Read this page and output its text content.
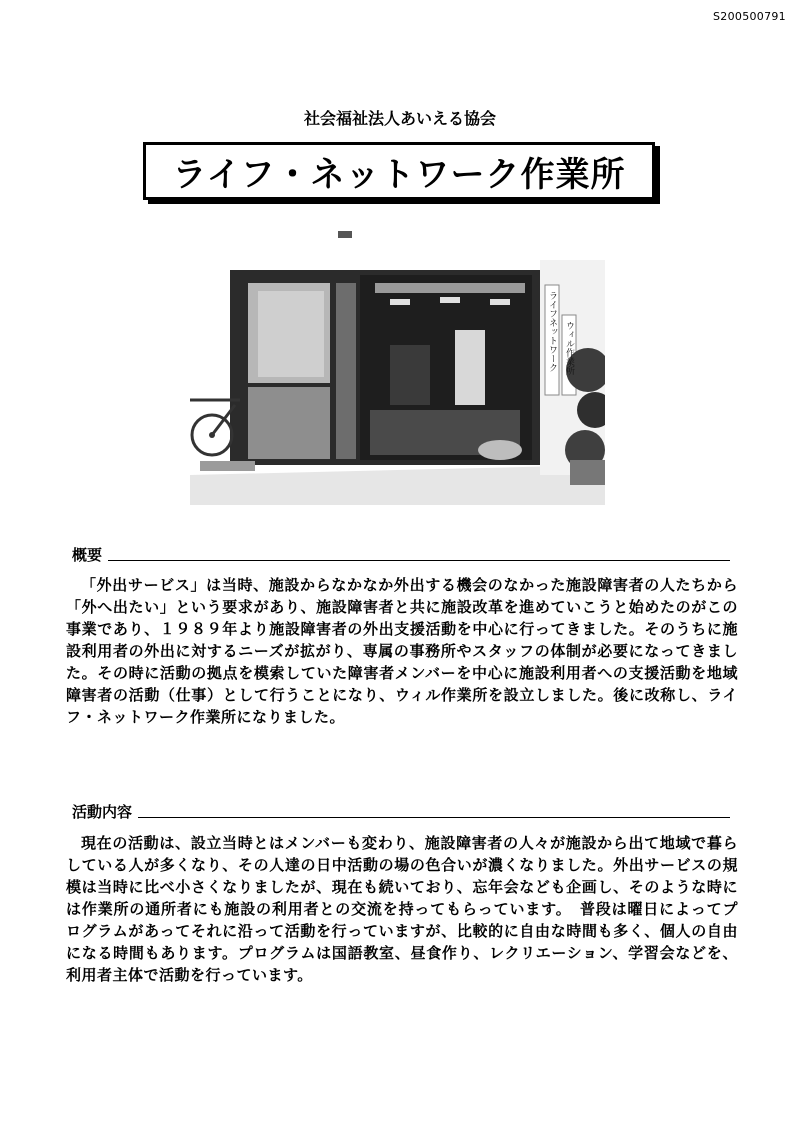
S200500791
社会福祉法人あいえる協会
ライフ・ネットワーク作業所
ライフネットワーク ウィル作業所
概要

「外出サービス」は当時、施設からなかなか外出する機会のなかった施設障害者の人たちから「外へ出たい」という要求があり、施設障害者と共に施設改革を進めていこうと始めたのがこの事業であり、１９８９年より施設障害者の外出支援活動を中心に行ってきました。そのうちに施設利用者の外出に対するニーズが拡がり、専属の事務所やスタッフの体制が必要になってきました。その時に活動の拠点を模索していた障害者メンバーを中心に施設利用者への支援活動を地域障害者の活動（仕事）として行うことになり、ウィル作業所を設立しました。後に改称し、ライフ・ネットワーク作業所になりました。

活動内容

現在の活動は、設立当時とはメンバーも変わり、施設障害者の人々が施設から出て地域で暮らしている人が多くなり、その人達の日中活動の場の色合いが濃くなりました。外出サービスの規模は当時に比べ小さくなりましたが、現在も続いており、忘年会なども企画し、そのような時には作業所の通所者にも施設の利用者との交流を持ってもらっています。　普段は曜日によってプログラムがあってそれに沿って活動を行っていますが、比較的に自由な時間も多く、個人の自由になる時間もあります。プログラムは国語教室、昼食作り、レクリエーション、学習会などを、利用者主体で活動を行っています。
